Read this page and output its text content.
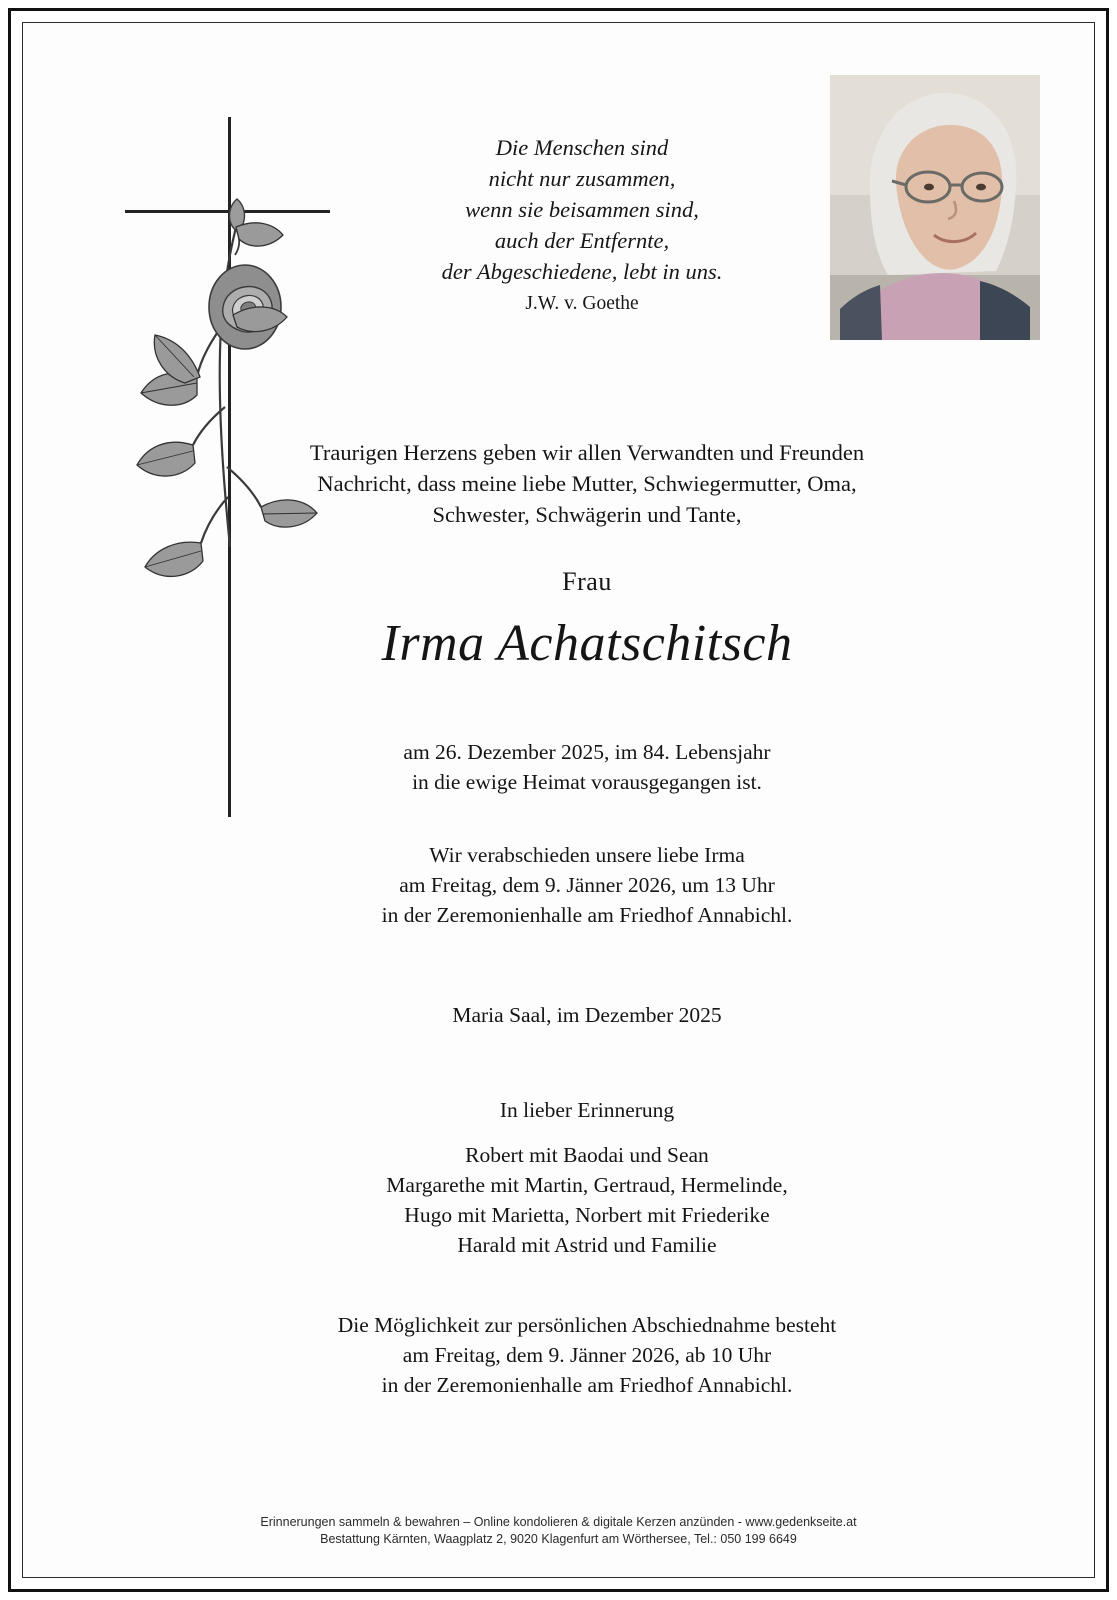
Die Menschen sind
nicht nur zusammen,
wenn sie beisammen sind,
auch der Entfernte,
der Abgeschiedene, lebt in uns.
J.W. v. Goethe
Traurigen Herzens geben wir allen Verwandten und Freunden
Nachricht, dass meine liebe Mutter, Schwiegermutter, Oma,
Schwester, Schwägerin und Tante,
Frau
Irma Achatschitsch
am 26. Dezember 2025, im 84. Lebensjahr
in die ewige Heimat vorausgegangen ist.
Wir verabschieden unsere liebe Irma
am Freitag, dem 9. Jänner 2026, um 13 Uhr
in der Zeremonienhalle am Friedhof Annabichl.
Maria Saal, im Dezember 2025
In lieber Erinnerung
Robert mit Baodai und Sean
Margarethe mit Martin, Gertraud, Hermelinde,
Hugo mit Marietta, Norbert mit Friederike
Harald mit Astrid und Familie
Die Möglichkeit zur persönlichen Abschiednahme besteht
am Freitag, dem 9. Jänner 2026, ab 10 Uhr
in der Zeremonienhalle am Friedhof Annabichl.
Erinnerungen sammeln & bewahren – Online kondolieren & digitale Kerzen anzünden - www.gedenkseite.at
Bestattung Kärnten, Waagplatz 2, 9020 Klagenfurt am Wörthersee, Tel.: 050 199 6649
